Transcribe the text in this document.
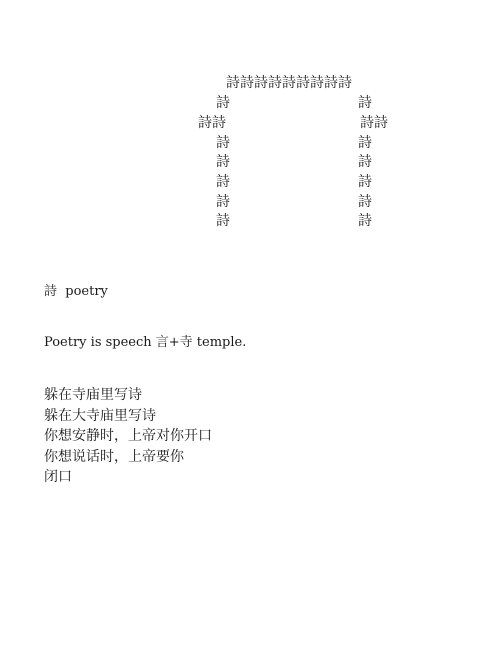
詩詩詩詩詩詩詩詩詩
詩	詩
詩詩	詩詩
詩	詩
詩	詩
詩	詩
詩	詩
詩	詩
詩  poetry
Poetry is speech 言+寺 temple.
躲在寺庙里写诗
躲在大寺庙里写诗
你想安静时，上帝对你开口
你想说话时，上帝要你
闭口
